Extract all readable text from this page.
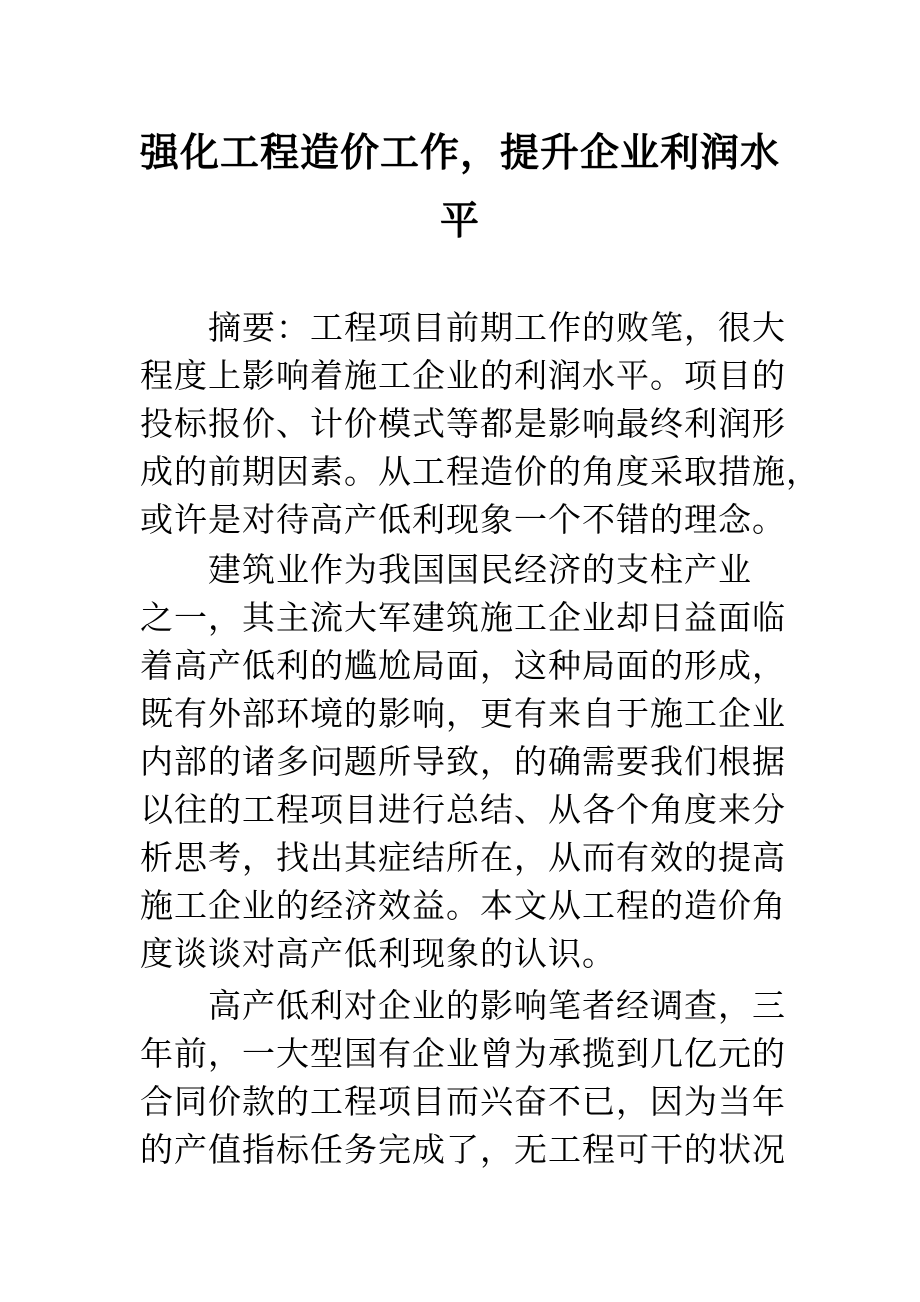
强化工程造价工作，提升企业利润水
平
　　摘要：工程项目前期工作的败笔，很大
程度上影响着施工企业的利润水平。项目的
投标报价、计价模式等都是影响最终利润形
成的前期因素。从工程造价的角度采取措施，
或许是对待高产低利现象一个不错的理念。
　　建筑业作为我国国民经济的支柱产业
之一，其主流大军建筑施工企业却日益面临
着高产低利的尴尬局面，这种局面的形成，
既有外部环境的影响，更有来自于施工企业
内部的诸多问题所导致，的确需要我们根据
以往的工程项目进行总结、从各个角度来分
析思考，找出其症结所在，从而有效的提高
施工企业的经济效益。本文从工程的造价角
度谈谈对高产低利现象的认识。
　　高产低利对企业的影响笔者经调查，三
年前，一大型国有企业曾为承揽到几亿元的
合同价款的工程项目而兴奋不已，因为当年
的产值指标任务完成了，无工程可干的状况
